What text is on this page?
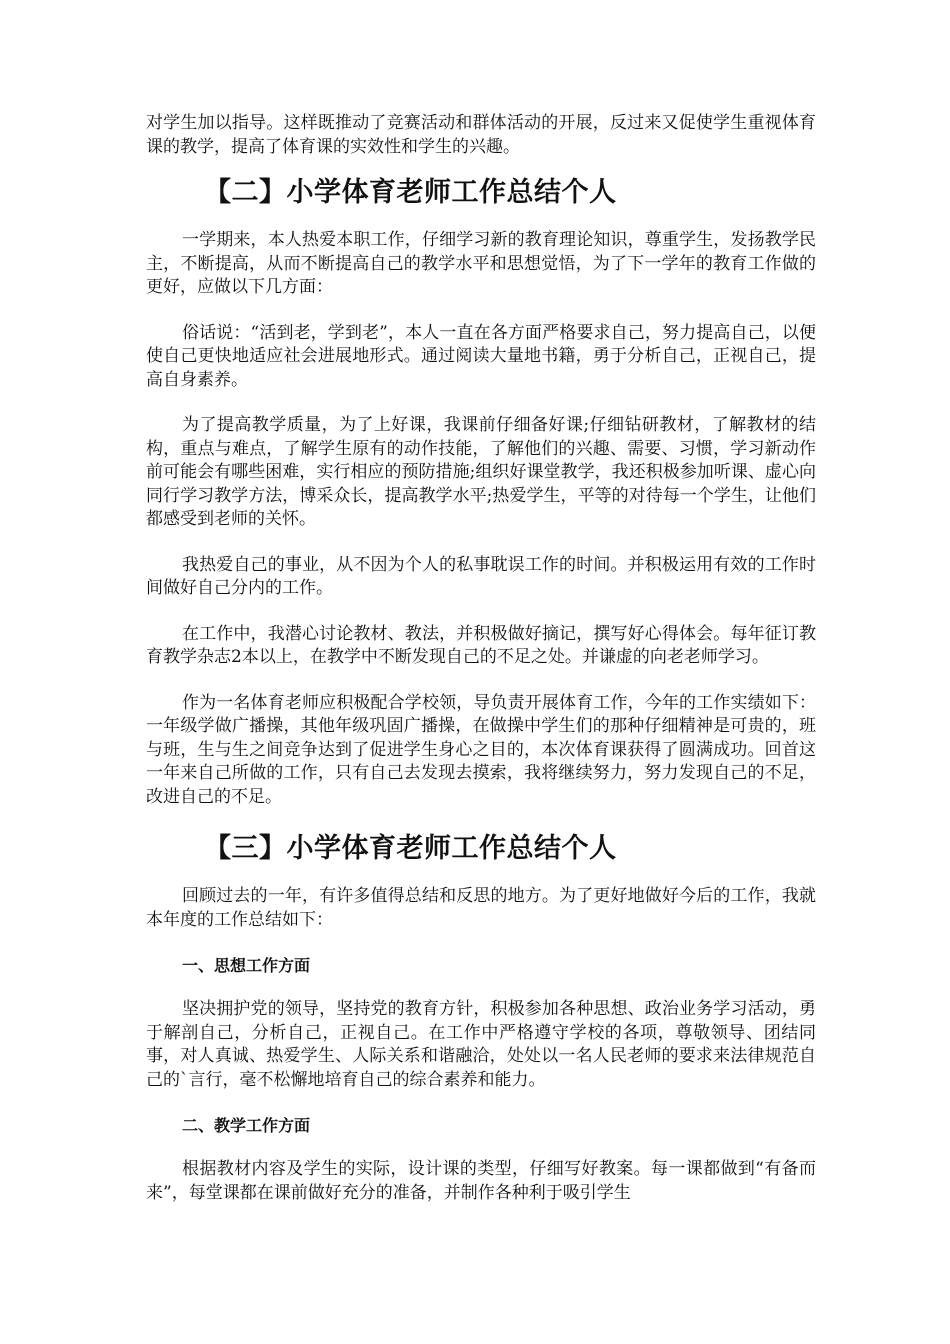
对学生加以指导。这样既推动了竞赛活动和群体活动的开展，反过来又促使学生重视体育课的教学，提高了体育课的实效性和学生的兴趣。

【二】小学体育老师工作总结个人

一学期来，本人热爱本职工作，仔细学习新的教育理论知识，尊重学生，发扬教学民主，不断提高，从而不断提高自己的教学水平和思想觉悟，为了下一学年的教育工作做的更好，应做以下几方面：

俗话说：“活到老，学到老”，本人一直在各方面严格要求自己，努力提高自己，以便使自己更快地适应社会进展地形式。通过阅读大量地书籍，勇于分析自己，正视自己，提高自身素养。

为了提高教学质量，为了上好课，我课前仔细备好课;仔细钻研教材，了解教材的结构，重点与难点，了解学生原有的动作技能，了解他们的兴趣、需要、习惯，学习新动作前可能会有哪些困难，实行相应的预防措施;组织好课堂教学，我还积极参加听课、虚心向同行学习教学方法，博采众长，提高教学水平;热爱学生，平等的对待每一个学生，让他们都感受到老师的关怀。

我热爱自己的事业，从不因为个人的私事耽误工作的时间。并积极运用有效的工作时间做好自己分内的工作。

在工作中，我潜心讨论教材、教法，并积极做好摘记，撰写好心得体会。每年征订教育教学杂志2本以上，在教学中不断发现自己的不足之处。并谦虚的向老老师学习。

作为一名体育老师应积极配合学校领，导负责开展体育工作，今年的工作实绩如下：一年级学做广播操，其他年级巩固广播操，在做操中学生们的那种仔细精神是可贵的，班与班，生与生之间竞争达到了促进学生身心之目的，本次体育课获得了圆满成功。回首这一年来自己所做的工作，只有自己去发现去摸索，我将继续努力，努力发现自己的不足，改进自己的不足。

【三】小学体育老师工作总结个人

回顾过去的一年，有许多值得总结和反思的地方。为了更好地做好今后的工作，我就本年度的工作总结如下：

一、思想工作方面

坚决拥护党的领导，坚持党的教育方针，积极参加各种思想、政治业务学习活动，勇于解剖自己，分析自己，正视自己。在工作中严格遵守学校的各项，尊敬领导、团结同事，对人真诚、热爱学生、人际关系和谐融洽，处处以一名人民老师的要求来法律规范自己的`言行，毫不松懈地培育自己的综合素养和能力。

二、教学工作方面

根据教材内容及学生的实际，设计课的类型，仔细写好教案。每一课都做到“有备而来”，每堂课都在课前做好充分的准备，并制作各种利于吸引学生
